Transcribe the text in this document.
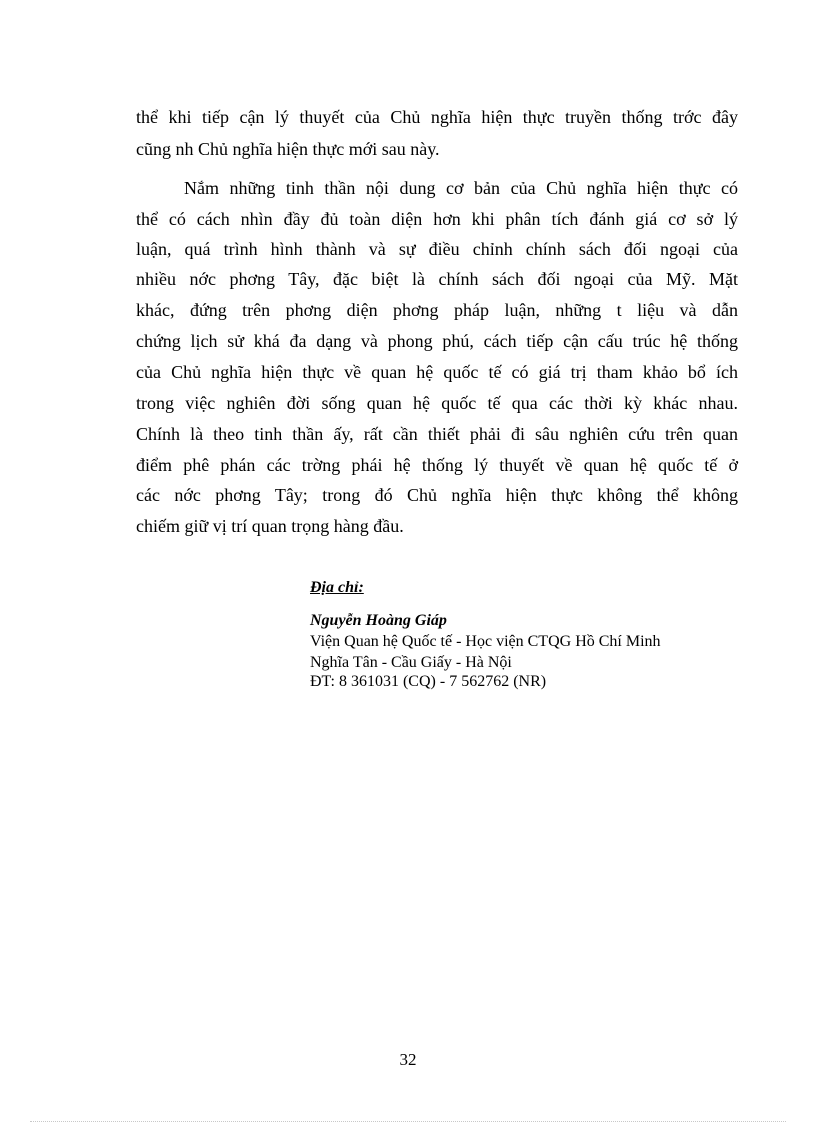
thể khi tiếp cận lý thuyết của Chủ nghĩa hiện thực truyền thống trớc đây
cũng nh Chủ nghĩa hiện thực mới sau này.
Nắm những tinh thần nội dung cơ bản của Chủ nghĩa hiện thực có
thể có cách nhìn đầy đủ toàn diện hơn khi phân tích đánh giá cơ sở lý
luận, quá trình hình thành và sự điều chỉnh chính sách đối ngoại của
nhiều nớc phơng Tây, đặc biệt là chính sách đối ngoại của Mỹ. Mặt
khác, đứng trên phơng diện phơng pháp luận, những t liệu và dẫn
chứng lịch sử khá đa dạng và phong phú, cách tiếp cận cấu trúc hệ thống
của Chủ nghĩa hiện thực về quan hệ quốc tế có giá trị tham khảo bổ ích
trong việc nghiên đời sống quan hệ quốc tế qua các thời kỳ khác nhau.
Chính là theo tinh thần ấy, rất cần thiết phải đi sâu nghiên cứu trên quan
điểm phê phán các trờng phái hệ thống lý thuyết về quan hệ quốc tế ở
các nớc phơng Tây; trong đó Chủ nghĩa hiện thực không thể không
chiếm giữ vị trí quan trọng hàng đầu.
Địa chỉ:
Nguyễn Hoàng Giáp
Viện Quan hệ Quốc tế - Học viện CTQG Hồ Chí Minh
Nghĩa Tân - Cầu Giấy - Hà Nội
ĐT: 8 361031 (CQ) - 7 562762 (NR)
32
